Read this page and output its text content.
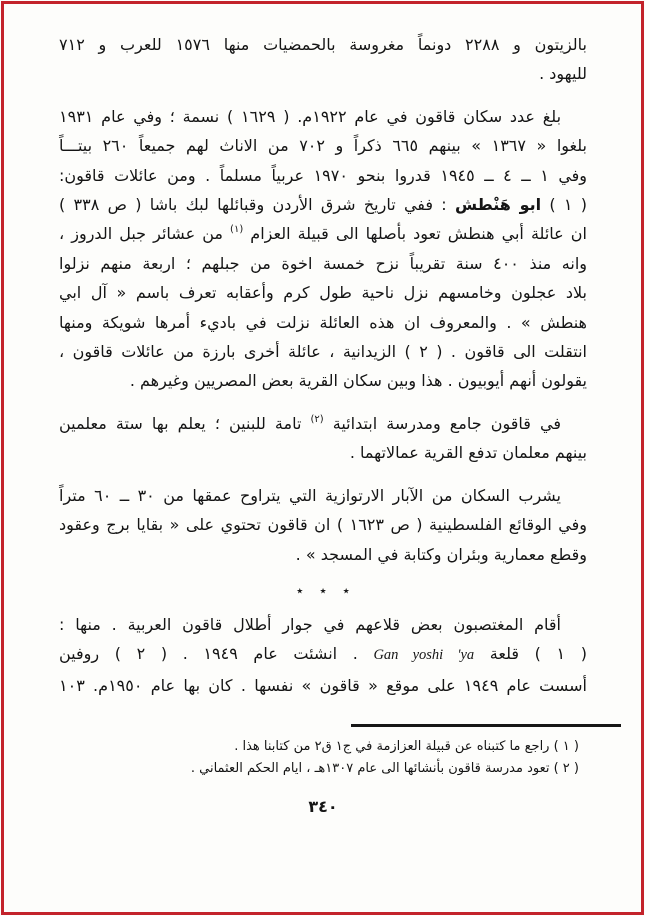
بالزيتون و ٢٢٨٨ دونماً مغروسة بالحمضيات منها ١٥٧٦ للعرب و ٧١٢
لليهود .
بلغ عدد سكان قاقون في عام ١٩٢٢م. ( ١٦٢٩ ) نسمة ؛ وفي عام ١٩٣١
بلغوا « ١٣٦٧ » بينهم ٦٦٥ ذكراً و ٧٠٢ من الاناث لهم جميعاً ٢٦٠ بيتـــاً
وفي ١ ــ ٤ ــ ١٩٤٥ قدروا بنحو ١٩٧٠ عربياً مسلماً . ومن عائلات قاقون:
( ١ ) ابو هَنْطش : ففي تاريخ شرق الأردن وقبائلها لبك باشا ( ص ٣٣٨ )
ان عائلة أبي هنطش تعود بأصلها الى قبيلة العزام $^{(١)}$ من عشائر جبل الدروز ،
وانه منذ ٤٠٠ سنة تقريباً نزح خمسة اخوة من جبلهم ؛ اربعة منهم نزلوا
بلاد عجلون وخامسهم نزل ناحية طول كرم وأعقابه تعرف باسم « آل ابي
هنطش » . والمعروف ان هذه العائلة نزلت في باديء أمرها شويكة ومنها
انتقلت الى قاقون . ( ٢ ) الزيدانية ، عائلة أخرى بارزة من عائلات قاقون ،
يقولون أنهم أيوبيون . هذا وبين سكان القرية بعض المصريين وغيرهم .
في قاقون جامع ومدرسة ابتدائية $^{(٢)}$ تامة للبنين ؛ يعلم بها ستة معلمين
بينهم معلمان تدفع القرية عمالاتهما .
يشرب السكان من الآبار الارتوازية التي يتراوح عمقها من ٣٠ ــ ٦٠ متراً
وفي الوقائع الفلسطينية ( ص ١٦٢٣ ) ان قاقون تحتوي على « بقايا برج وعقود
وقطع معمارية وبئران وكتابة في المسجد » .
٭ ٭ ٭
أقام المغتصبون بعض قلاعهم في جوار أطلال قاقون العربية . منها :
( ١ ) قلعة Gan yoshi 'ya . انشئت عام ١٩٤٩ . ( ٢ ) روفين
أسست عام ١٩٤٩ على موقع « قاقون » نفسها . كان بها عام ١٩٥٠م. ١٠٣
( ١ ) راجع ما كتبناه عن قبيلة العزازمة في ج١ ق٢ من كتابنا هذا .
( ٢ ) تعود مدرسة قاقون بأنشائها الى عام ١٣٠٧هـ ، ايام الحكم العثماني .
٣٤٠
